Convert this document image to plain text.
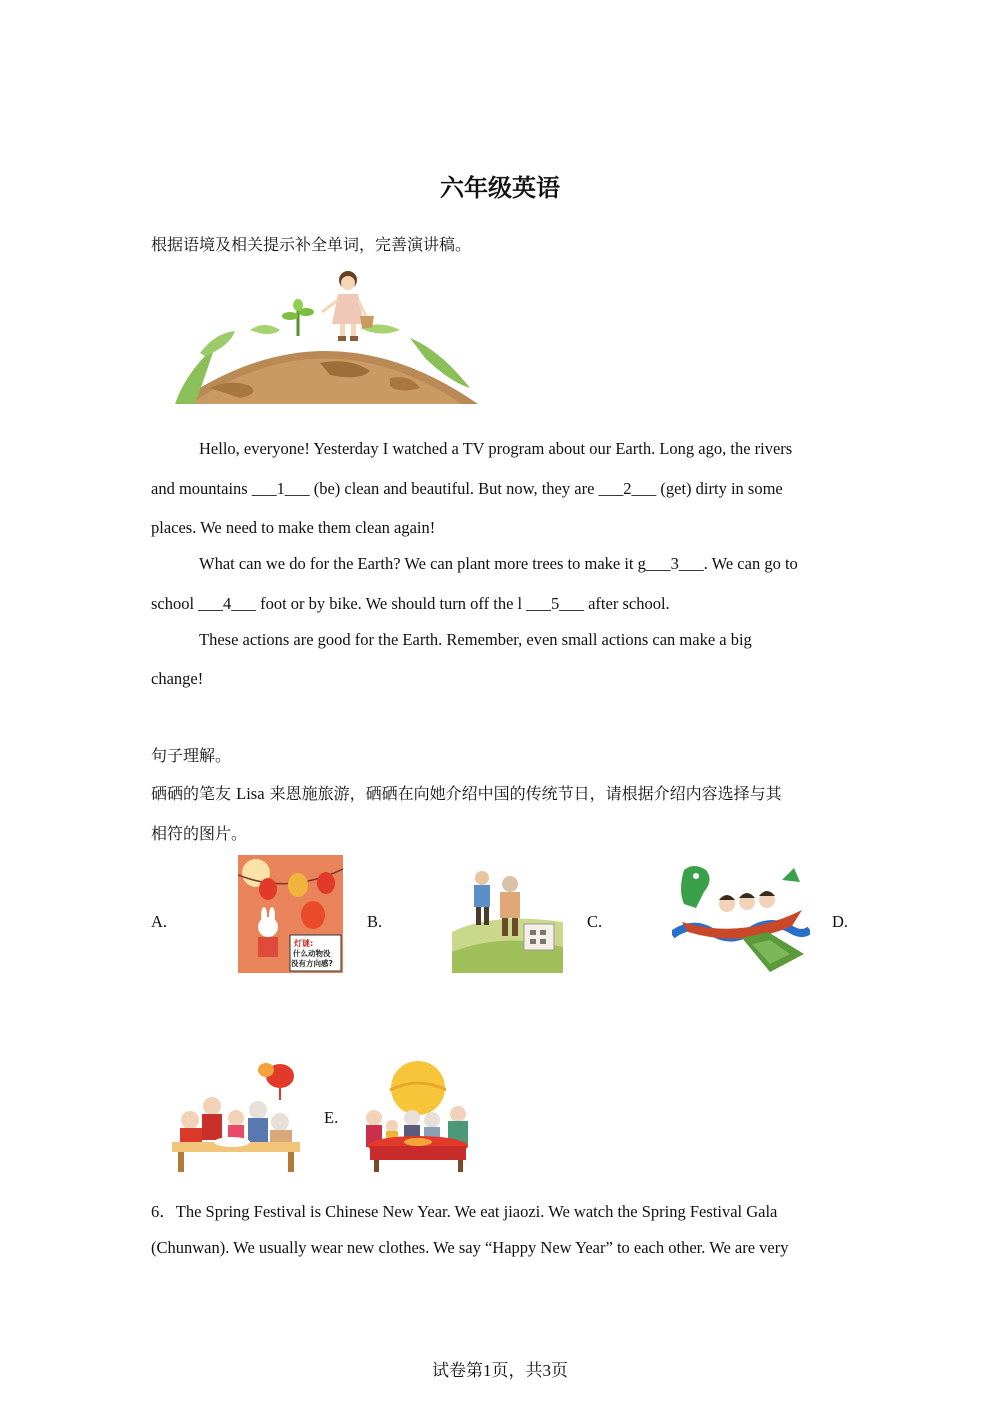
六年级英语
根据语境及相关提示补全单词，完善演讲稿。
Hello, everyone! Yesterday I watched a TV program about our Earth. Long ago, the rivers
and mountains ___1___ (be) clean and beautiful. But now, they are ___2___ (get) dirty in some
places. We need to make them clean again!
What can we do for the Earth? We can plant more trees to make it g___3___. We can go to
school ___4___ foot or by bike. We should turn off the l ___5___ after school.
These actions are good for the Earth. Remember, even small actions can make a big
change!
句子理解。
硒硒的笔友 Lisa 来恩施旅游，硒硒在向她介绍中国的传统节日，请根据介绍内容选择与其
相符的图片。
A.
灯谜:
什么动物没
没有方向感?
B.	C.	D.
E.
6．The Spring Festival is Chinese New Year. We eat jiaozi. We watch the Spring Festival Gala
(Chunwan). We usually wear new clothes. We say “Happy New Year” to each other. We are very
试卷第1页，共3页
